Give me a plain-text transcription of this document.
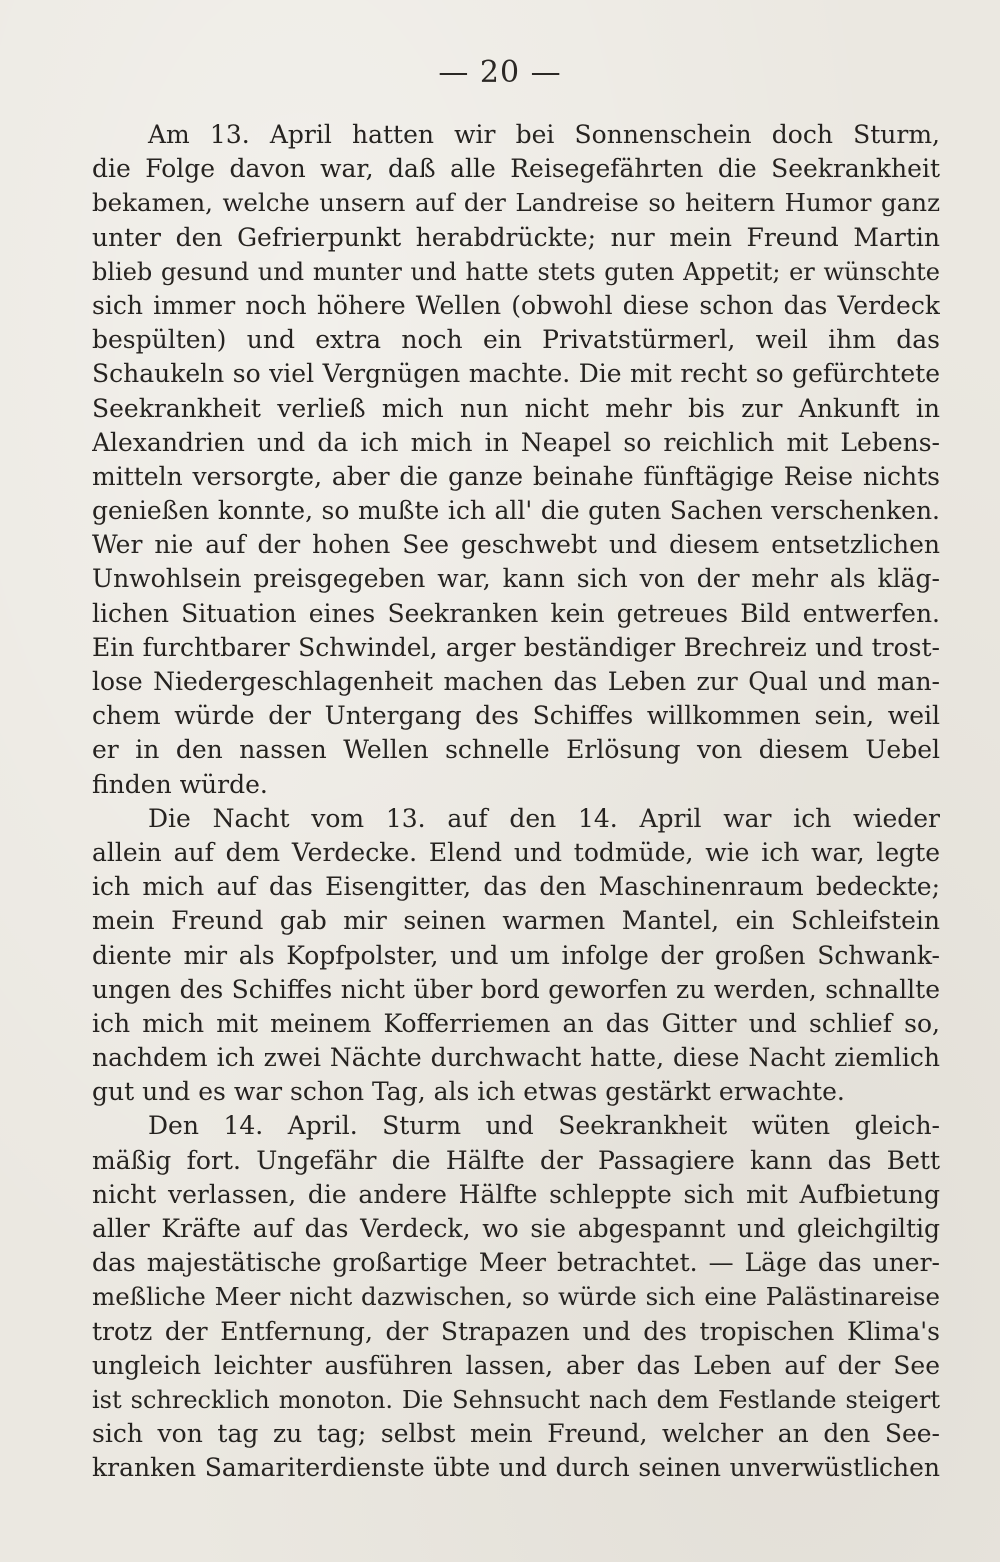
— 20 —
Am 13. April hatten wir bei Sonnenschein doch Sturm,
die Folge davon war, daß alle Reisegefährten die Seekrankheit
bekamen, welche unsern auf der Landreise so heitern Humor ganz
unter den Gefrierpunkt herabdrückte; nur mein Freund Martin
blieb gesund und munter und hatte stets guten Appetit; er wünschte
sich immer noch höhere Wellen (obwohl diese schon das Verdeck
bespülten) und extra noch ein Privatstürmerl, weil ihm das
Schaukeln so viel Vergnügen machte. Die mit recht so gefürchtete
Seekrankheit verließ mich nun nicht mehr bis zur Ankunft in
Alexandrien und da ich mich in Neapel so reichlich mit Lebens-
mitteln versorgte, aber die ganze beinahe fünftägige Reise nichts
genießen konnte, so mußte ich all' die guten Sachen verschenken.
Wer nie auf der hohen See geschwebt und diesem entsetzlichen
Unwohlsein preisgegeben war, kann sich von der mehr als kläg-
lichen Situation eines Seekranken kein getreues Bild entwerfen.
Ein furchtbarer Schwindel, arger beständiger Brechreiz und trost-
lose Niedergeschlagenheit machen das Leben zur Qual und man-
chem würde der Untergang des Schiffes willkommen sein, weil
er in den nassen Wellen schnelle Erlösung von diesem Uebel
finden würde.
Die Nacht vom 13. auf den 14. April war ich wieder
allein auf dem Verdecke. Elend und todmüde, wie ich war, legte
ich mich auf das Eisengitter, das den Maschinenraum bedeckte;
mein Freund gab mir seinen warmen Mantel, ein Schleifstein
diente mir als Kopfpolster, und um infolge der großen Schwank-
ungen des Schiffes nicht über bord geworfen zu werden, schnallte
ich mich mit meinem Kofferriemen an das Gitter und schlief so,
nachdem ich zwei Nächte durchwacht hatte, diese Nacht ziemlich
gut und es war schon Tag, als ich etwas gestärkt erwachte.
Den 14. April. Sturm und Seekrankheit wüten gleich-
mäßig fort. Ungefähr die Hälfte der Passagiere kann das Bett
nicht verlassen, die andere Hälfte schleppte sich mit Aufbietung
aller Kräfte auf das Verdeck, wo sie abgespannt und gleichgiltig
das majestätische großartige Meer betrachtet. — Läge das uner-
meßliche Meer nicht dazwischen, so würde sich eine Palästinareise
trotz der Entfernung, der Strapazen und des tropischen Klima's
ungleich leichter ausführen lassen, aber das Leben auf der See
ist schrecklich monoton. Die Sehnsucht nach dem Festlande steigert
sich von tag zu tag; selbst mein Freund, welcher an den See-
kranken Samariterdienste übte und durch seinen unverwüstlichen
